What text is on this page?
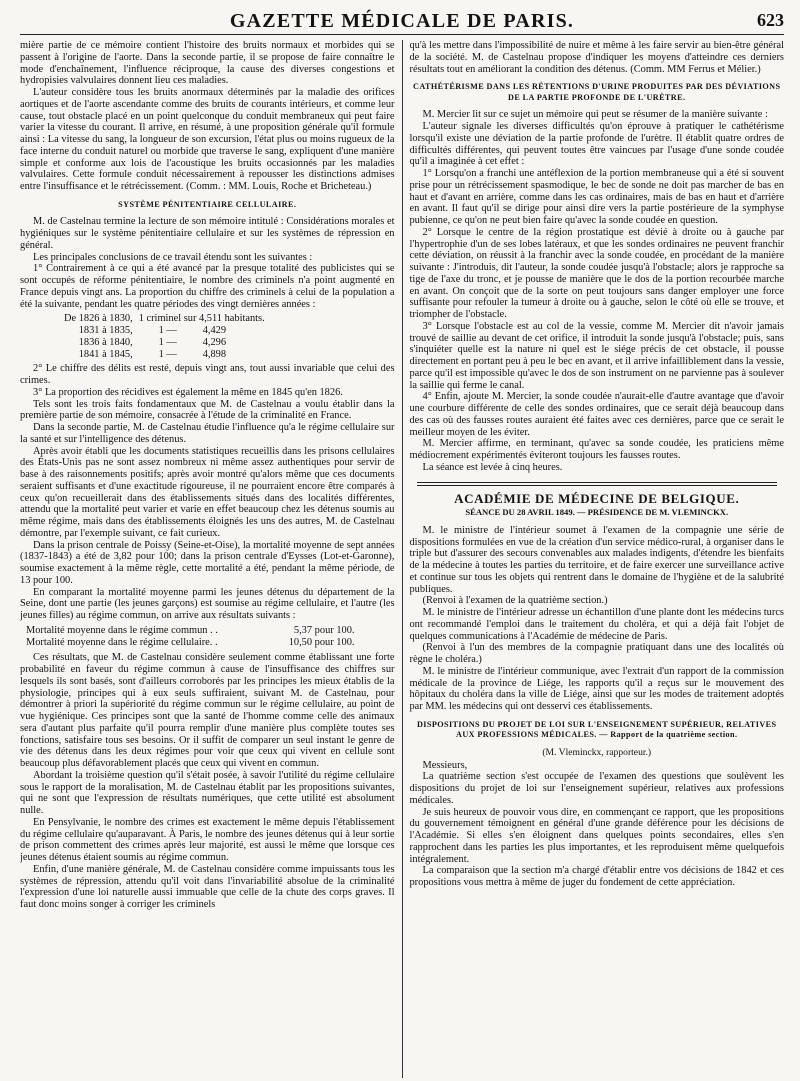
GAZETTE MÉDICALE DE PARIS.	623

mière partie de ce mémoire contient l'histoire des bruits normaux et morbides qui se passent à l'origine de l'aorte. Dans la seconde partie, il se propose de faire connaître le mode d'enchaînement, l'influence réciproque, la cause des diverses congestions et hydropisies valvulaires donnent lieu ces maladies.

L'auteur considère tous les bruits anormaux déterminés par la maladie des orifices aortiques et de l'aorte ascendante comme des bruits de courants intérieurs, et comme leur cause, tout obstacle placé en un point quelconque du conduit membraneux qui peut faire varier la vitesse du courant. Il arrive, en résumé, à une proposition générale qu'il formule ainsi : La vitesse du sang, la longueur de son excursion, l'état plus ou moins rugueux de la face interne du conduit naturel ou morbide que traverse le sang, expliquent d'une manière simple et conforme aux lois de l'acoustique les bruits occasionnés par les maladies valvulaires. Cette formule conduit nécessairement à repousser les distinctions admises entre l'insuffisance et le rétrécissement. (Comm. : MM. Louis, Roche et Bricheteau.)

SYSTÈME PÉNITENTIAIRE CELLULAIRE.

M. de Castelnau termine la lecture de son mémoire intitulé : Considérations morales et hygiéniques sur le système pénitentiaire cellulaire et sur les systèmes de répression en général.

Les principales conclusions de ce travail étendu sont les suivantes :

1° Contrairement à ce qui a été avancé par la presque totalité des publicistes qui se sont occupés de réforme pénitentiaire, le nombre des criminels n'a point augmenté en France depuis vingt ans. La proportion du chiffre des criminels à celui de la population a été la suivante, pendant les quatre périodes des vingt dernières années :

De 1826 à 1830,	1 criminel sur 4,511 habitants.	
1831 à 1835,	1 —	4,429
1836 à 1840,	1 —	4,296
1841 à 1845,	1 —	4,898

2° Le chiffre des délits est resté, depuis vingt ans, tout aussi invariable que celui des crimes.

3° La proportion des récidives est également la même en 1845 qu'en 1826.

Tels sont les trois faits fondamentaux que M. de Castelnau a voulu établir dans la première partie de son mémoire, consacrée à l'étude de la criminalité en France.

Dans la seconde partie, M. de Castelnau étudie l'influence qu'a le régime cellulaire sur la santé et sur l'intelligence des détenus.

Après avoir établi que les documents statistiques recueillis dans les prisons cellulaires des États-Unis pas ne sont assez nombreux ni même assez authentiques pour servir de base à des raisonnements positifs; après avoir montré qu'alors même que ces documents seraient suffisants et d'une exactitude rigoureuse, il ne pourraient encore être comparés à ceux qu'on recueillerait dans des établissements situés dans des localités différentes, attendu que la mortalité peut varier et varie en effet beaucoup chez les détenus soumis au même régime, mais dans des établissements éloignés les uns des autres, M. de Castelnau démontre, par l'exemple suivant, ce fait curieux.

Dans la prison centrale de Poissy (Seine-et-Oise), la mortalité moyenne de sept années (1837-1843) a été de 3,82 pour 100; dans la prison centrale d'Eysses (Lot-et-Garonne), soumise exactement à la même règle, cette mortalité a été, pendant la même période, de 13 pour 100.

En comparant la mortalité moyenne parmi les jeunes détenus du département de la Seine, dont une partie (les jeunes garçons) est soumise au régime cellulaire, et l'autre (les jeunes filles) au régime commun, on arrive aux résultats suivants :

Mortalité moyenne dans le régime commun . .	5,37 pour 100.
Mortalité moyenne dans le régime cellulaire. .	10,50 pour 100.

Ces résultats, que M. de Castelnau considère seulement comme établissant une forte probabilité en faveur du régime commun à cause de l'insuffisance des chiffres sur lesquels ils sont basés, sont d'ailleurs corroborés par les principes les mieux établis de la physiologie, principes qui à eux seuls suffiraient, suivant M. de Castelnau, pour démontrer à priori la supériorité du régime commun sur le régime cellulaire, au point de vue hygiénique. Ces principes sont que la santé de l'homme comme celle des animaux sera d'autant plus parfaite qu'il pourra remplir d'une manière plus complète toutes ses fonctions, satisfaire tous ses besoins. Or il suffit de comparer un seul instant le genre de vie des détenus dans les deux régimes pour voir que ceux qui vivent en cellule sont beaucoup plus défavorablement placés que ceux qui vivent en commun.

Abordant la troisième question qu'il s'était posée, à savoir l'utilité du régime cellulaire sous le rapport de la moralisation, M. de Castelnau établit par les propositions suivantes, qui ne sont que l'expression de résultats numériques, que cette utilité est absolument nulle.

En Pensylvanie, le nombre des crimes est exactement le même depuis l'établissement du régime cellulaire qu'auparavant. À Paris, le nombre des jeunes détenus qui à leur sortie de prison commettent des crimes après leur majorité, est aussi le même que lorsque ces jeunes détenus étaient soumis au régime commun.

Enfin, d'une manière générale, M. de Castelnau considère comme impuissants tous les systèmes de répression, attendu qu'il voit dans l'invariabilité absolue de la criminalité l'expression d'une loi naturelle aussi immuable que celle de la chute des corps graves. Il faut donc moins songer à corriger les criminels

qu'à les mettre dans l'impossibilité de nuire et même à les faire servir au bien-être général de la société. M. de Castelnau propose d'indiquer les moyens d'atteindre ces derniers résultats tout en améliorant la condition des détenus. (Comm. MM Ferrus et Mélier.)

CATHÉTÉRISME DANS LES RÉTENTIONS D'URINE PRODUITES PAR DES DÉVIATIONS DE LA PARTIE PROFONDE DE L'URÈTRE.

M. Mercier lit sur ce sujet un mémoire qui peut se résumer de la manière suivante :

L'auteur signale les diverses difficultés qu'on éprouve à pratiquer le cathétérisme lorsqu'il existe une déviation de la partie profonde de l'urètre. Il établit quatre ordres de difficultés différentes, qui peuvent toutes être vaincues par l'usage d'une sonde coudée qu'il a imaginée à cet effet :

1° Lorsqu'on a franchi une antéflexion de la portion membraneuse qui a été si souvent prise pour un rétrécissement spasmodique, le bec de sonde ne doit pas marcher de bas en haut et d'avant en arrière, comme dans les cas ordinaires, mais de bas en haut et d'arrière en avant. Il faut qu'il se dirige pour ainsi dire vers la partie postérieure de la symphyse pubienne, ce qu'on ne peut bien faire qu'avec la sonde coudée en question.

2° Lorsque le centre de la région prostatique est dévié à droite ou à gauche par l'hypertrophie d'un de ses lobes latéraux, et que les sondes ordinaires ne peuvent franchir cette déviation, on réussit à la franchir avec la sonde coudée, en procédant de la manière suivante : J'introduis, dit l'auteur, la sonde coudée jusqu'à l'obstacle; alors je rapproche sa tige de l'axe du tronc, et je pousse de manière que le dos de la portion recourbée marche en avant. On conçoit que de la sorte on peut toujours sans danger employer une force suffisante pour refouler la tumeur à droite ou à gauche, selon le côté où elle se trouve, et triompher de l'obstacle.

3° Lorsque l'obstacle est au col de la vessie, comme M. Mercier dit n'avoir jamais trouvé de saillie au devant de cet orifice, il introduit la sonde jusqu'à l'obstacle; puis, sans s'inquiéter quelle est la nature ni quel est le siége précis de cet obstacle, il pousse directement en portant peu à peu le bec en avant, et il arrive infailliblement dans la vessie, parce qu'il est impossible qu'avec le dos de son instrument on ne parvienne pas à soulever la saillie qui ferme le canal.

4° Enfin, ajoute M. Mercier, la sonde coudée n'aurait-elle d'autre avantage que d'avoir une courbure différente de celle des sondes ordinaires, que ce serait déjà beaucoup dans des cas où des fausses routes auraient été faites avec ces dernières, parce que ce serait le meilleur moyen de les éviter.

M. Mercier affirme, en terminant, qu'avec sa sonde coudée, les praticiens même médiocrement expérimentés éviteront toujours les fausses routes.

La séance est levée à cinq heures.

ACADÉMIE DE MÉDECINE DE BELGIQUE.
SÉANCE DU 28 AVRIL 1849. — PRÉSIDENCE DE M. VLEMINCKX.

M. le ministre de l'intérieur soumet à l'examen de la compagnie une série de dispositions formulées en vue de la création d'un service médico-rural, à organiser dans le triple but d'assurer des secours convenables aux malades indigents, d'étendre les bienfaits de la médecine à toutes les parties du territoire, et de faire exercer une surveillance active et continue sur tous les objets qui rentrent dans le domaine de l'hygiène et de la salubrité publiques.

(Renvoi à l'examen de la quatrième section.)

M. le ministre de l'intérieur adresse un échantillon d'une plante dont les médecins turcs ont recommandé l'emploi dans le traitement du choléra, et qui a déjà fait l'objet de quelques communications à l'Académie de médecine de Paris.

(Renvoi à l'un des membres de la compagnie pratiquant dans une des localités où règne le choléra.)

M. le ministre de l'intérieur communique, avec l'extrait d'un rapport de la commission médicale de la province de Liége, les rapports qu'il a reçus sur le mouvement des hôpitaux du choléra dans la ville de Liége, ainsi que sur les modes de traitement adoptés par MM. les médecins qui ont desservi ces établissements.

DISPOSITIONS DU PROJET DE LOI SUR L'ENSEIGNEMENT SUPÉRIEUR, RELATIVES AUX PROFESSIONS MÉDICALES. — Rapport de la quatrième section.
(M. Vleminckx, rapporteur.)

Messieurs,

La quatrième section s'est occupée de l'examen des questions que soulèvent les dispositions du projet de loi sur l'enseignement supérieur, relatives aux professions médicales.

Je suis heureux de pouvoir vous dire, en commençant ce rapport, que les propositions du gouvernement témoignent en général d'une grande déférence pour les décisions de l'Académie. Si elles s'en éloignent dans quelques points secondaires, elles s'en rapprochent dans les parties les plus importantes, et les reproduisent même quelquefois intégralement.

La comparaison que la section m'a chargé d'établir entre vos décisions de 1842 et ces propositions vous mettra à même de juger du fondement de cette appréciation.
